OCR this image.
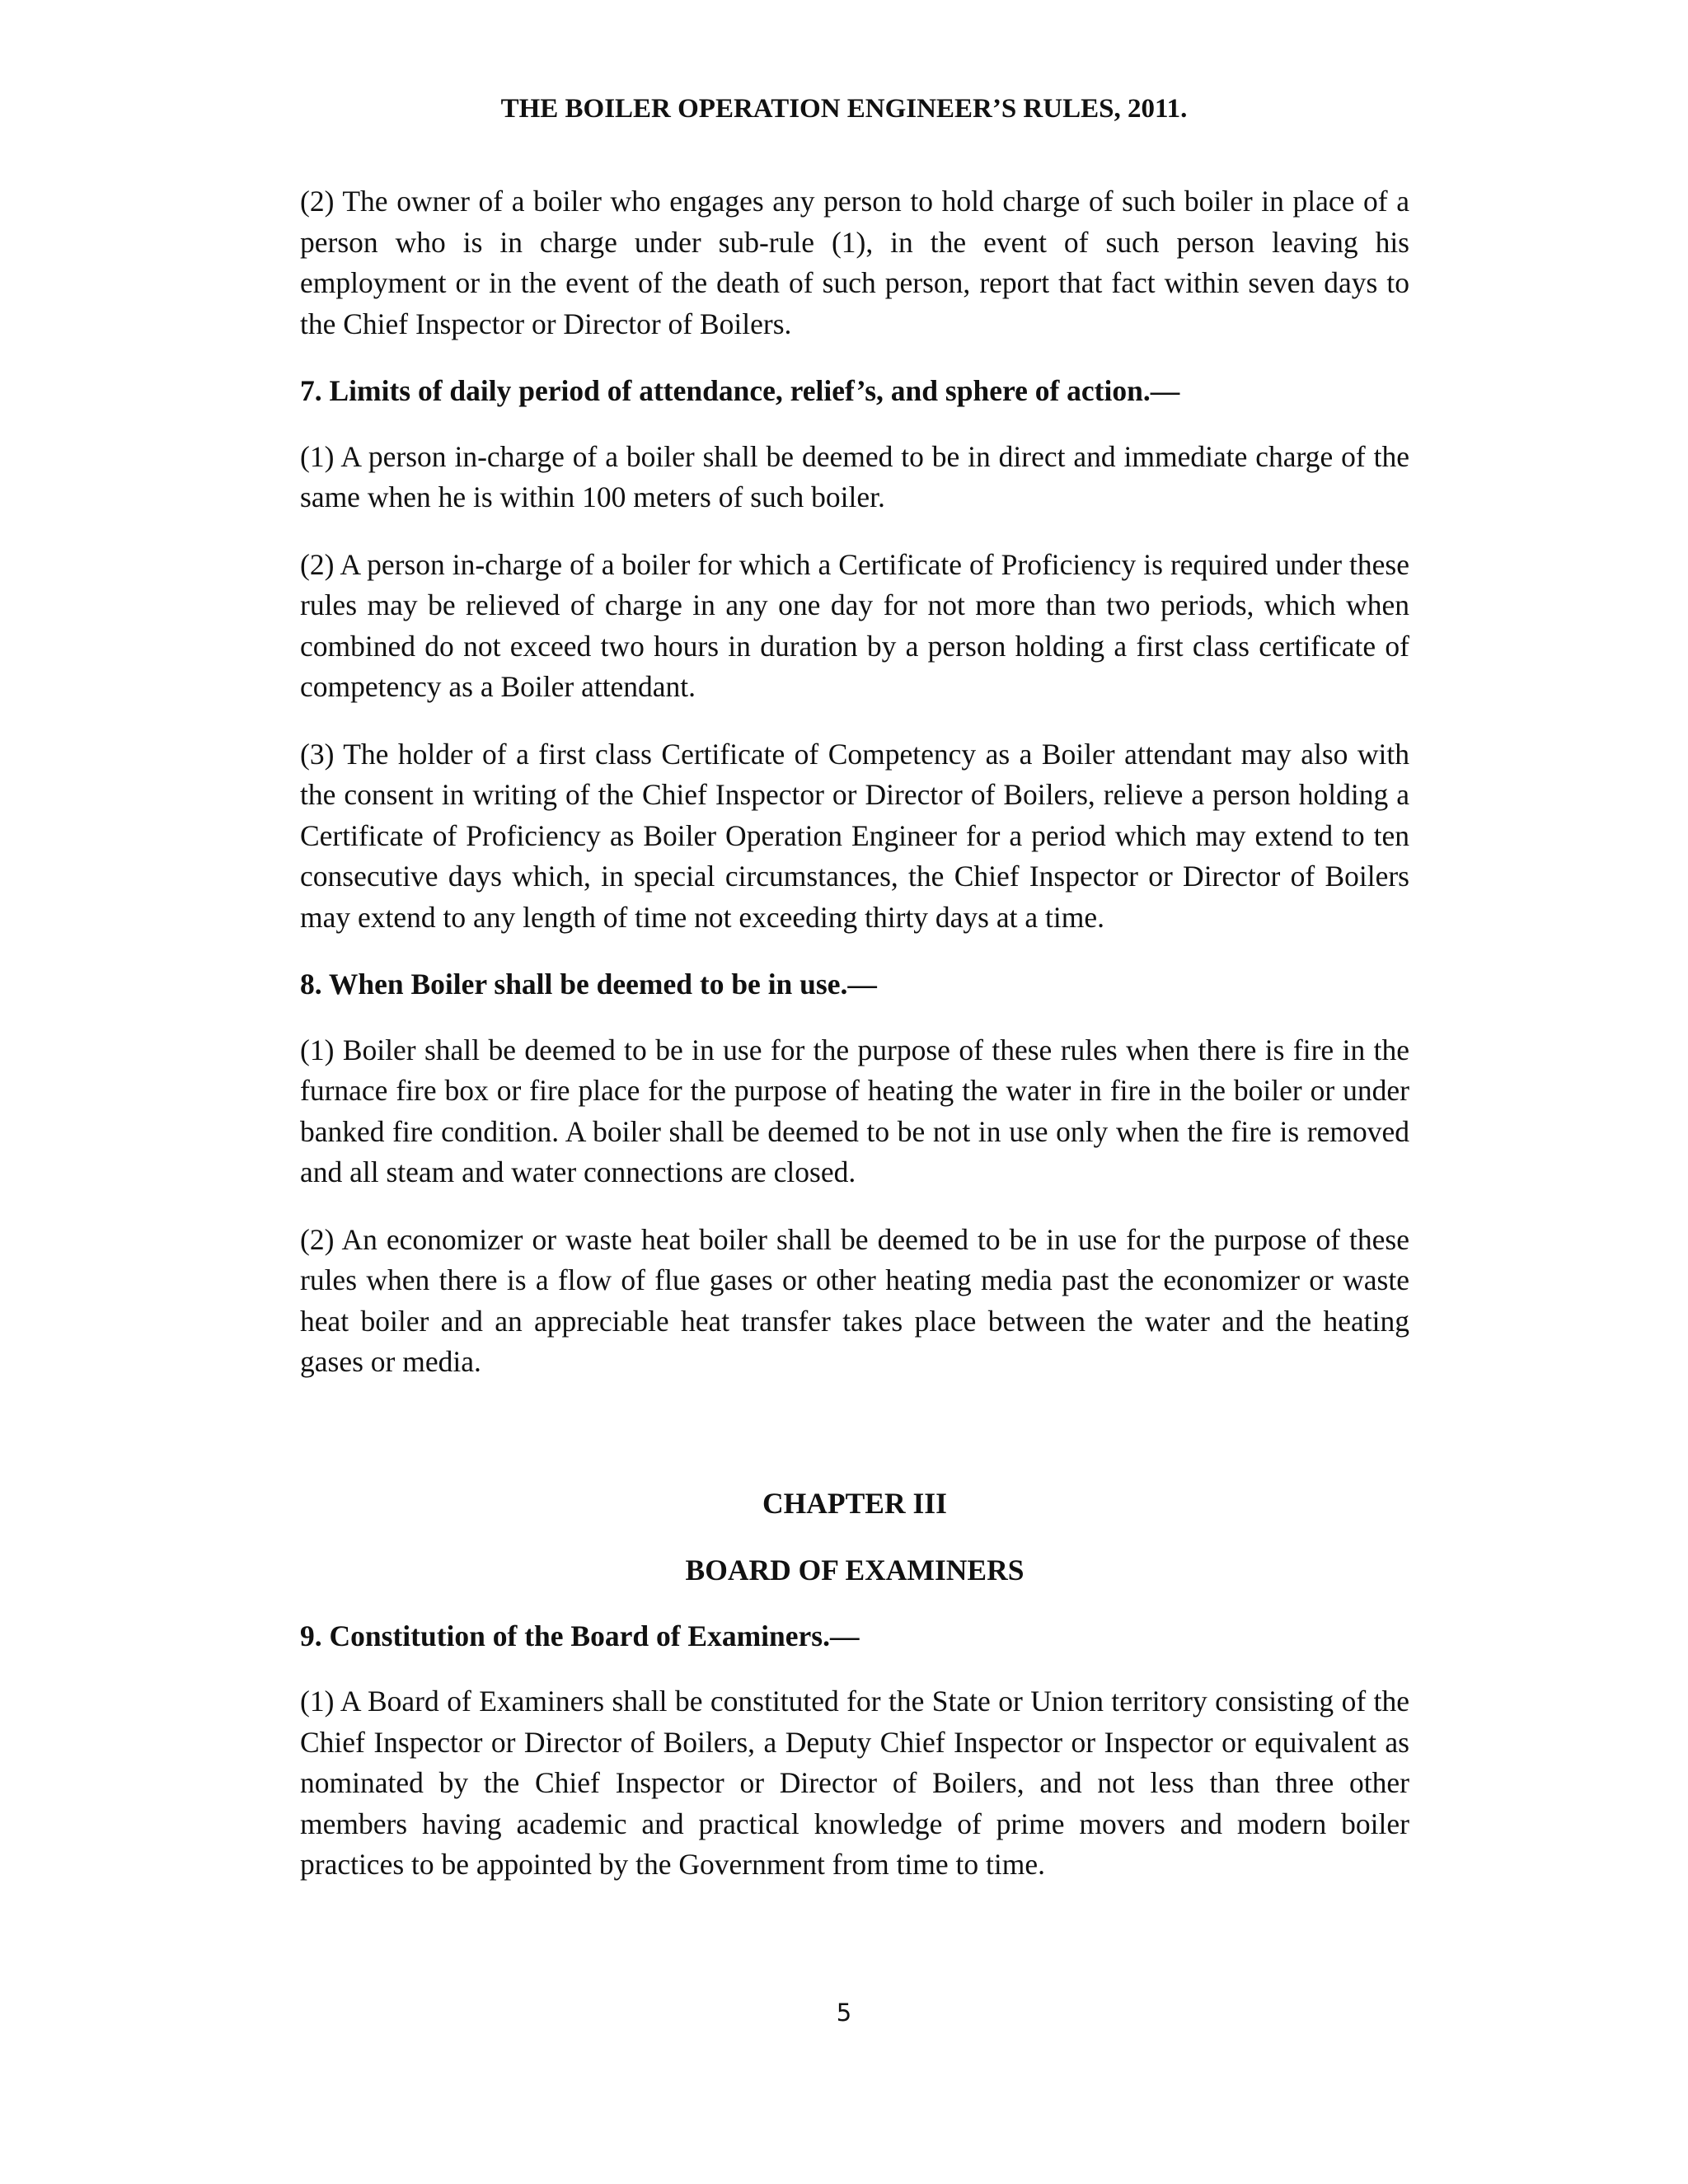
THE BOILER OPERATION ENGINEER’S RULES, 2011.

(2) The owner of a boiler who engages any person to hold charge of such boiler in place of a person who is in charge under sub-rule (1), in the event of such person leaving his employment or in the event of the death of such person, report that fact within seven days to the Chief Inspector or Director of Boilers.

7. Limits of daily period of attendance, relief’s, and sphere of action.—

(1) A person in-charge of a boiler shall be deemed to be in direct and immediate charge of the same when he is within 100 meters of such boiler.

(2) A person in-charge of a boiler for which a Certificate of Proficiency is required under these rules may be relieved of charge in any one day for not more than two periods, which when combined do not exceed two hours in duration by a person holding a first class certificate of competency as a Boiler attendant.

(3) The holder of a first class Certificate of Competency as a Boiler attendant may also with the consent in writing of the Chief Inspector or Director of Boilers, relieve a person holding a Certificate of Proficiency as Boiler Operation Engineer for a period which may extend to ten consecutive days which, in special circumstances, the Chief Inspector or Director of Boilers may extend to any length of time not exceeding thirty days at a time.

8. When Boiler shall be deemed to be in use.—

(1) Boiler shall be deemed to be in use for the purpose of these rules when there is fire in the furnace fire box or fire place for the purpose of heating the water in fire in the boiler or under banked fire condition. A boiler shall be deemed to be not in use only when the fire is removed and all steam and water connections are closed.

(2) An economizer or waste heat boiler shall be deemed to be in use for the purpose of these rules when there is a flow of flue gases or other heating media past the economizer or waste heat boiler and an appreciable heat transfer takes place between the water and the heating gases or media.

CHAPTER III

BOARD OF EXAMINERS

9. Constitution of the Board of Examiners.—

(1) A Board of Examiners shall be constituted for the State or Union territory consisting of the Chief Inspector or Director of Boilers, a Deputy Chief Inspector or Inspector or equivalent as nominated by the Chief Inspector or Director of Boilers, and not less than three other members having academic and practical knowledge of prime movers and modern boiler practices to be appointed by the Government from time to time.

5
